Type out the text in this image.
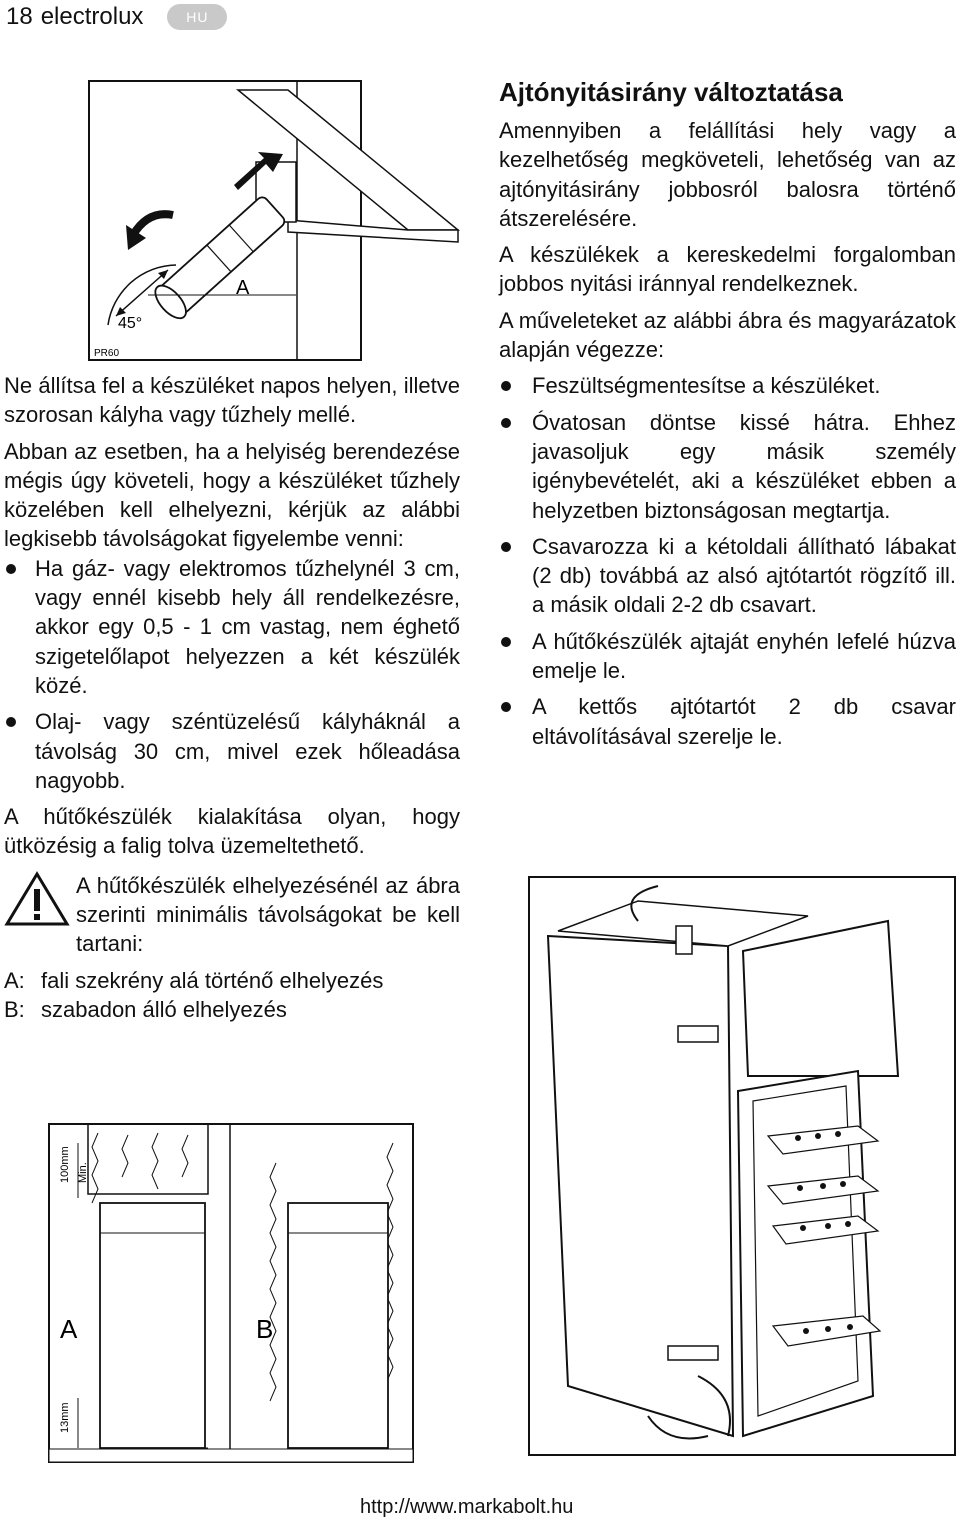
18 electrolux	HU
A
45°
PR60

Ne állítsa fel a készüléket napos helyen, illetve szorosan kályha vagy tűzhely mellé.

Abban az esetben, ha a helyiség berendezése mégis úgy követeli, hogy a készüléket tűzhely közelében kell elhelyezni, kérjük az alábbi legkisebb távolságokat figyelembe venni:

Ha gáz- vagy elektromos tűzhelynél 3 cm, vagy ennél kisebb hely áll rendelkezésre, akkor egy 0,5 - 1 cm vastag, nem éghető szigetelőlapot helyezzen a két készülék közé.
Olaj- vagy széntüzelésű kályháknál a távolság 30 cm, mivel ezek hőleadása nagyobb.

A hűtőkészülék kialakítása olyan, hogy ütközésig a falig tolva üzemeltethető.

A hűtőkészülék elhelyezésénél az ábra szerinti minimális távolságokat be kell tartani:
A: fali szekrény alá történő elhelyezés
B: szabadon álló elhelyezés
100mm Min.
13mm
A	B
Ajtónyitásirány változtatása

Amennyiben a felállítási hely vagy a kezelhetőség megköveteli, lehetőség van az ajtónyitásirány jobbosról balosra történő átszerelésére.

A készülékek a kereskedelmi forgalomban jobbos nyitási iránnyal rendelkeznek.

A műveleteket az alábbi ábra és magyarázatok alapján végezze:

Feszültségmentesítse a készüléket.
Óvatosan döntse kissé hátra. Ehhez javasoljuk egy másik személy igénybevételét, aki a készüléket ebben a helyzetben biztonságosan megtartja.
Csavarozza ki a kétoldali állítható lábakat (2 db) továbbá az alsó ajtótartót rögzítő ill. a másik oldali 2-2 db csavart.
A hűtőkészülék ajtaját enyhén lefelé húzva emelje le.
A kettős ajtótartót 2 db csavar eltávolításával szerelje le.
http://www.markabolt.hu
